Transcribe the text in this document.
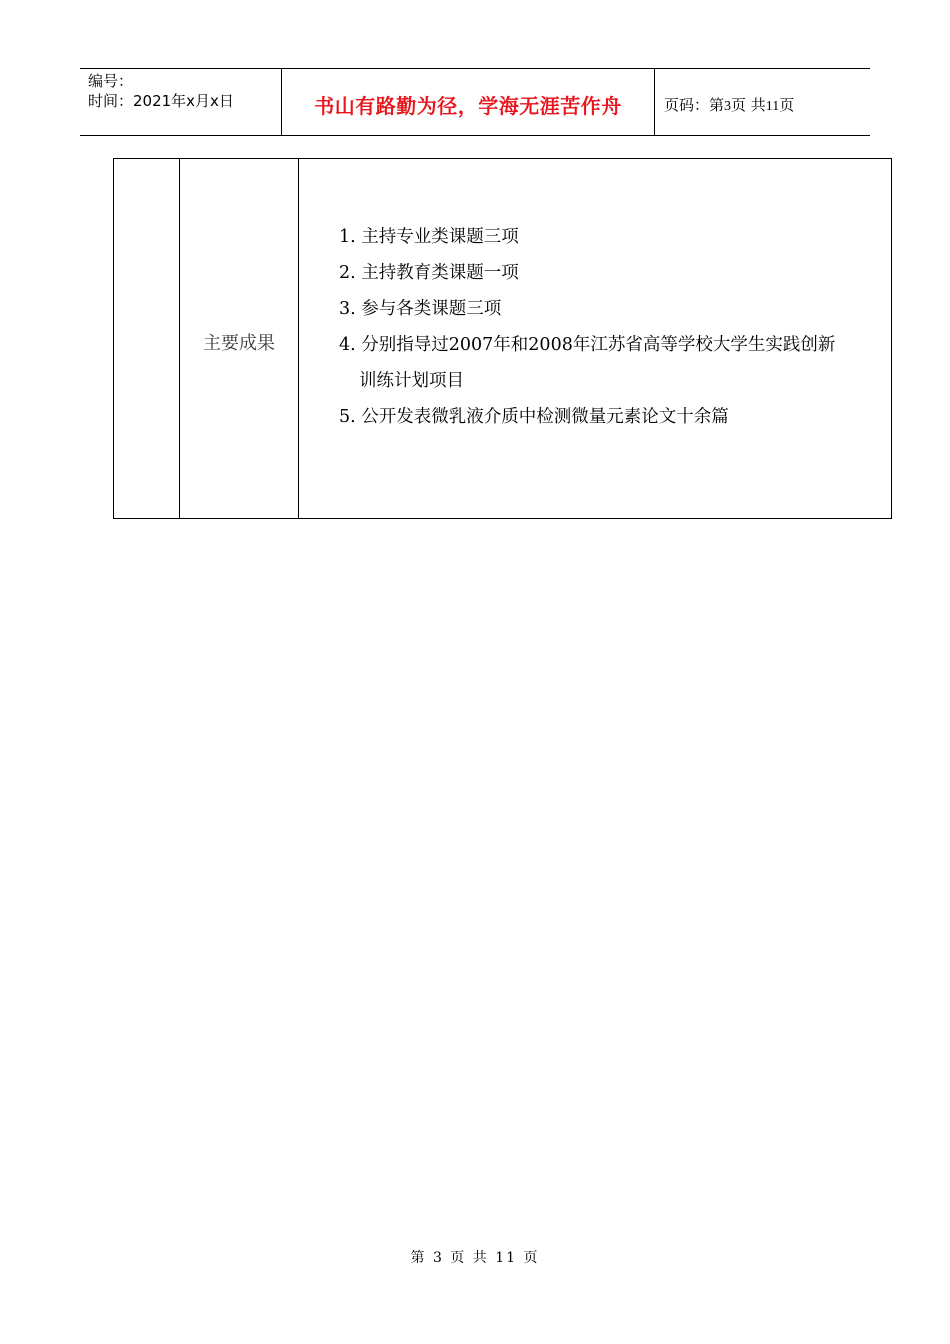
编号：
时间：2021年x月x日	书山有路勤为径，学海无涯苦作舟	页码：第3页 共11页
主要成果
1. 主持专业类课题三项
2. 主持教育类课题一项
3. 参与各类课题三项
4. 分别指导过2007年和2008年江苏省高等学校大学生实践创新
训练计划项目
5. 公开发表微乳液介质中检测微量元素论文十余篇
第 3 页 共 11 页
